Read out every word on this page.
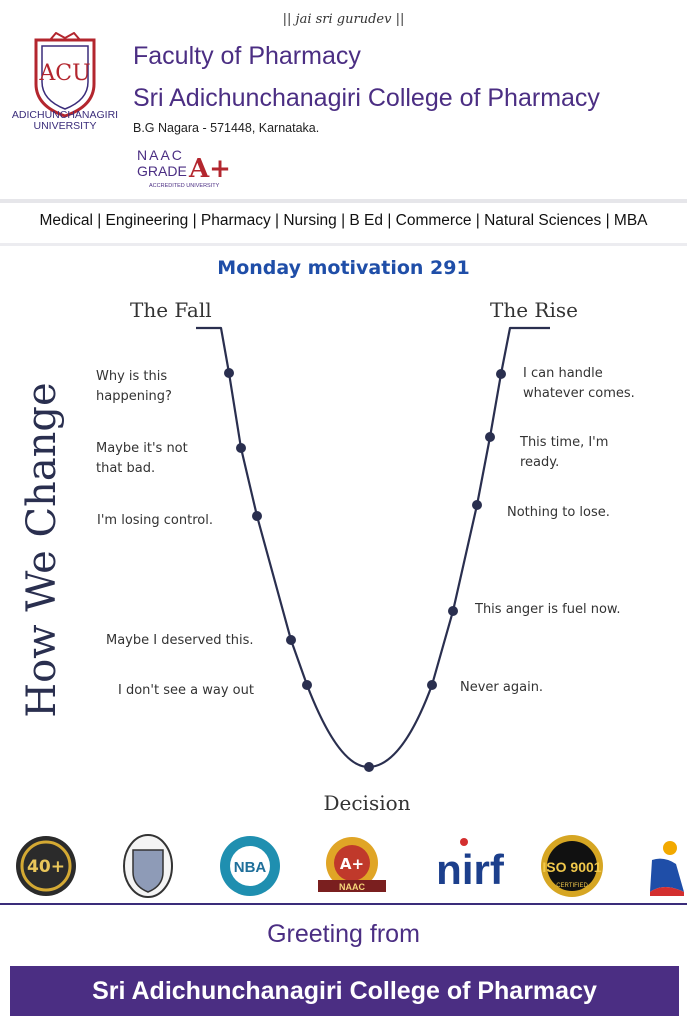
|| jai sri gurudev ||
ACU
ADICHUNCHANAGIRI UNIVERSITY
Faculty of Pharmacy
Sri Adichunchanagiri College of Pharmacy
B.G Nagara - 571448, Karnataka.
NAAC
GRADE A+
ACCREDITED UNIVERSITY
Medical | Engineering | Pharmacy | Nursing | B Ed | Commerce | Natural Sciences | MBA
Monday motivation 291
How We Change
The Fall	The Rise
Decision
Why is this
happening?
Maybe it's not
that bad.
I'm losing control.
Maybe I deserved this.
I don't see a way out
I can handle
whatever comes.
This time, I'm
ready.
Nothing to lose.
This anger is fuel now.
Never again.
40+	NBA	A+
NAAC nirf	ISO 9001
CERTIFIED
Greeting from
Sri Adichunchanagiri College of Pharmacy
